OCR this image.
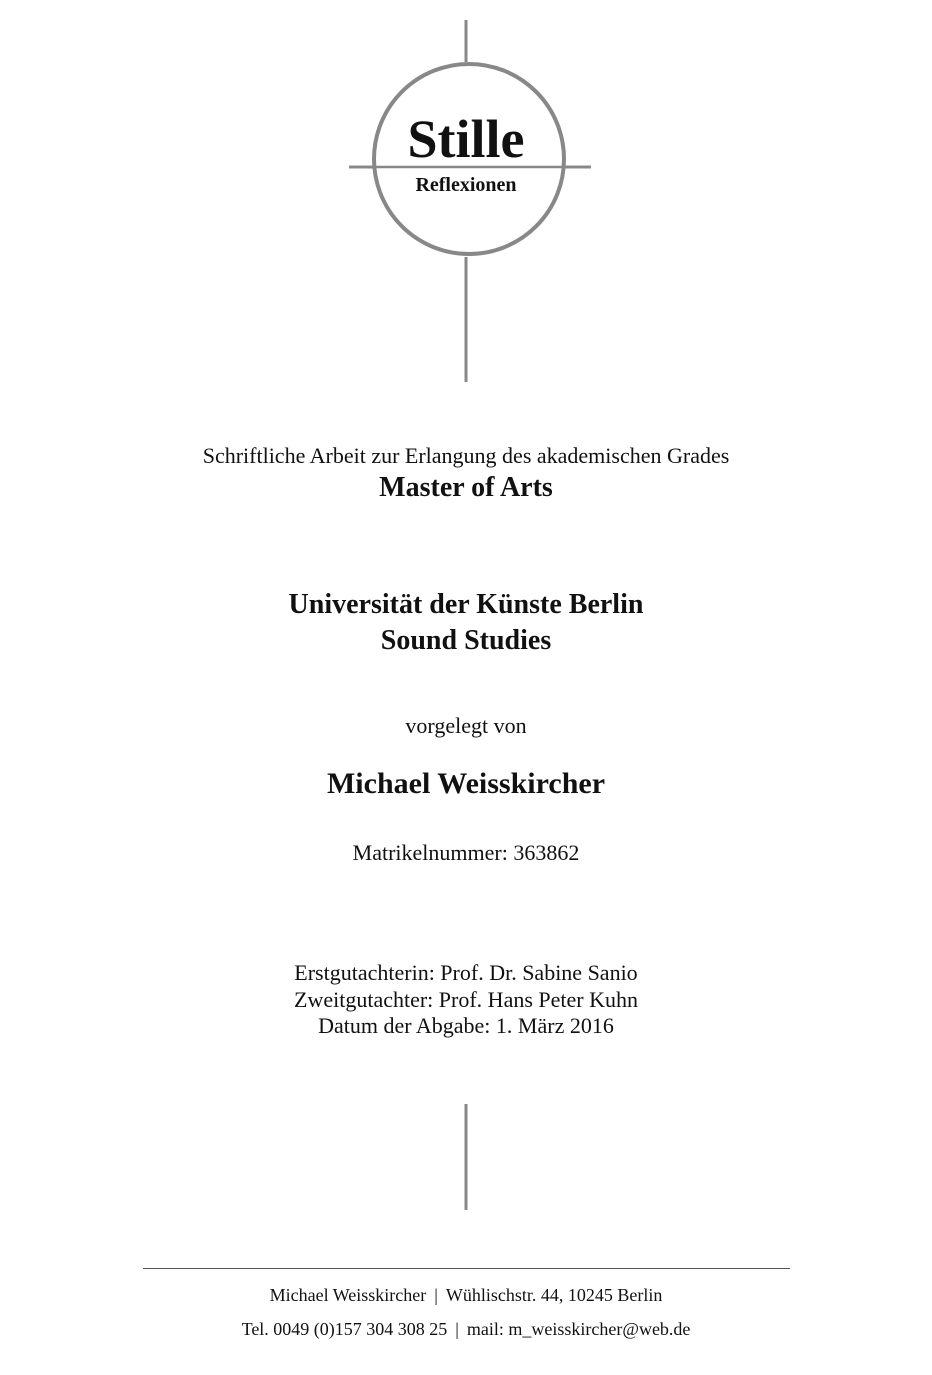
Stille
Reflexionen
Schriftliche Arbeit zur Erlangung des akademischen Grades
Master of Arts
Universität der Künste Berlin
Sound Studies
vorgelegt von
Michael Weisskircher
Matrikelnummer: 363862
Erstgutachterin: Prof. Dr. Sabine Sanio
Zweitgutachter: Prof. Hans Peter Kuhn
Datum der Abgabe: 1. März 2016
Michael Weisskircher | Wühlischstr. 44, 10245 Berlin
Tel. 0049 (0)157 304 308 25 | mail: m_weisskircher@web.de
